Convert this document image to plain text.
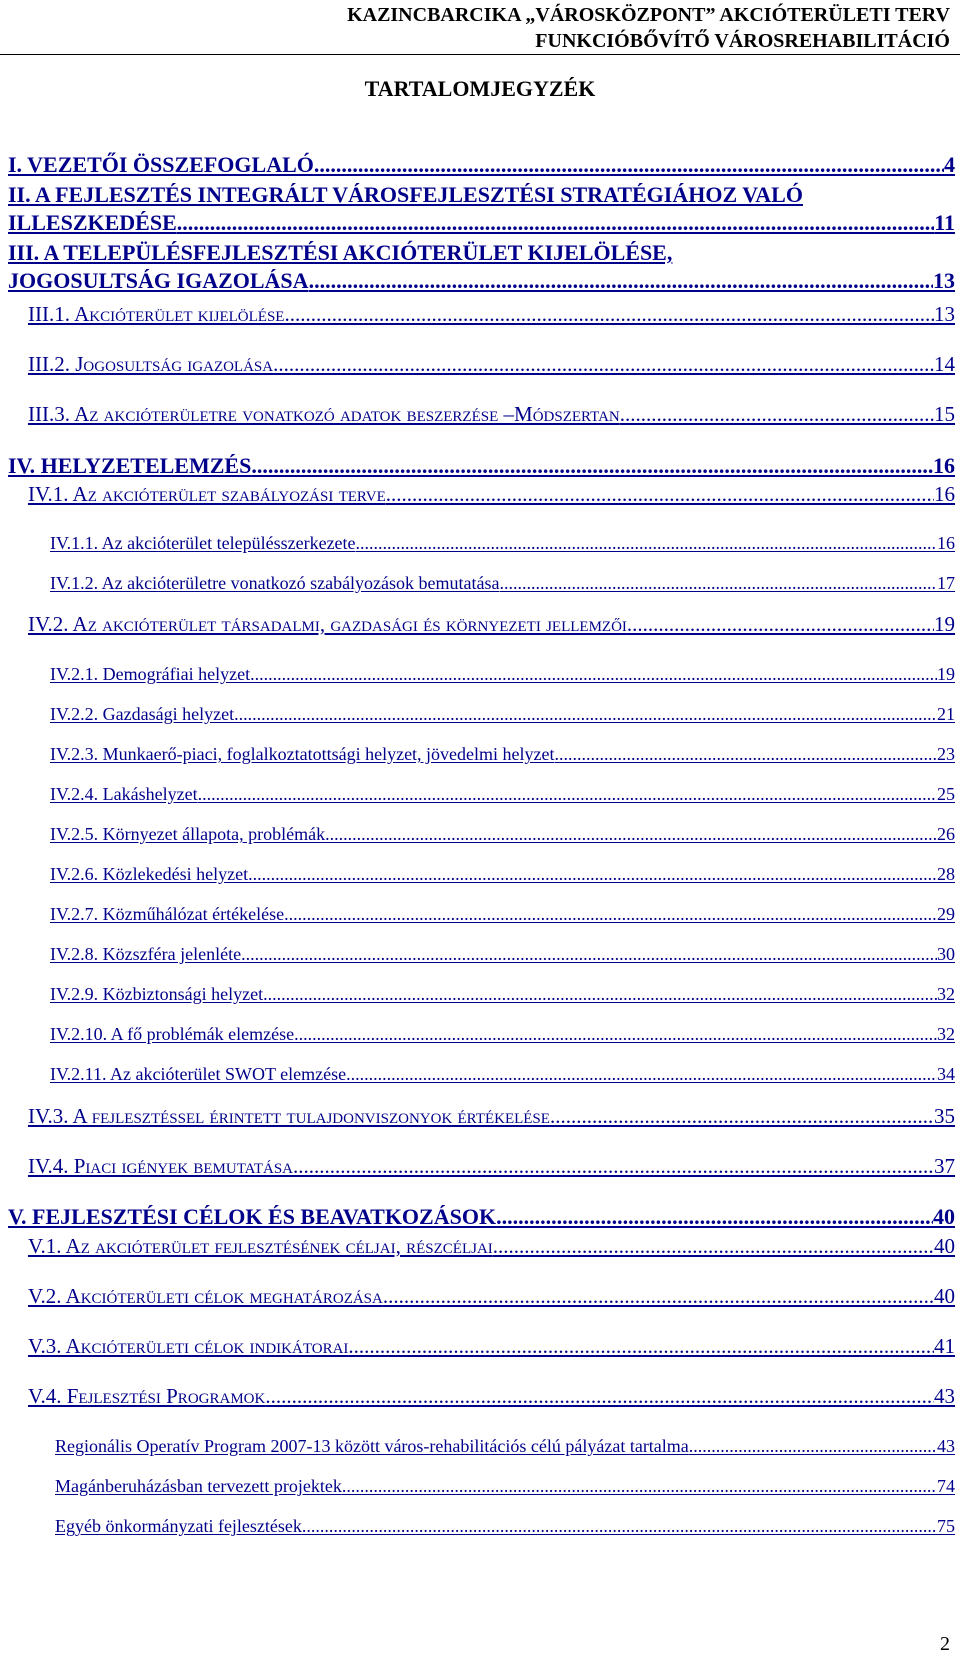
KAZINCBARCIKA „VÁROSKÖZPONT” AKCIÓTERÜLETI TERV
FUNKCIÓBŐVÍTŐ VÁROSREHABILITÁCIÓ
TARTALOMJEGYZÉK
I. VEZETŐI ÖSSZEFOGLALÓ .....	4
II. A FEJLESZTÉS INTEGRÁLT VÁROSFEJLESZTÉSI STRATÉGIÁHOZ VALÓ
ILLESZKEDÉSE .....	11
III. A TELEPÜLÉSFEJLESZTÉSI AKCIÓTERÜLET KIJELÖLÉSE,
JOGOSULTSÁG IGAZOLÁSA .....	13
III.1. Akcióterület kijelölése .....	13
III.2. Jogosultság igazolása .....	14
III.3. Az akcióterületre vonatkozó adatok beszerzése –Módszertan .....	15
IV. HELYZETELEMZÉS .....	16
IV.1. Az akcióterület szabályozási terve .....	16
IV.1.1. Az akcióterület településszerkezete .....	16
IV.1.2. Az akcióterületre vonatkozó szabályozások bemutatása .....	17
IV.2. Az akcióterület társadalmi, gazdasági és környezeti jellemzői .....	19
IV.2.1. Demográfiai helyzet .....	19
IV.2.2. Gazdasági helyzet .....	21
IV.2.3. Munkaerő-piaci, foglalkoztatottsági helyzet, jövedelmi helyzet .....	23
IV.2.4. Lakáshelyzet .....	25
IV.2.5. Környezet állapota, problémák .....	26
IV.2.6. Közlekedési helyzet .....	28
IV.2.7. Közműhálózat értékelése .....	29
IV.2.8. Közszféra jelenléte .....	30
IV.2.9. Közbiztonsági helyzet .....	32
IV.2.10. A fő problémák elemzése .....	32
IV.2.11. Az akcióterület SWOT elemzése .....	34
IV.3. A fejlesztéssel érintett tulajdonviszonyok értékelése .....	35
IV.4. Piaci igények bemutatása .....	37
V. FEJLESZTÉSI CÉLOK ÉS BEAVATKOZÁSOK .....	40
V.1. Az akcióterület fejlesztésének céljai, részcéljai .....	40
V.2. Akcióterületi célok meghatározása .....	40
V.3. Akcióterületi célok indikátorai .....	41
V.4. Fejlesztési Programok .....	43
Regionális Operatív Program 2007-13 között város-rehabilitációs célú pályázat tartalma .....	43
Magánberuházásban tervezett projektek .....	74
Egyéb önkormányzati fejlesztések .....	75
2
